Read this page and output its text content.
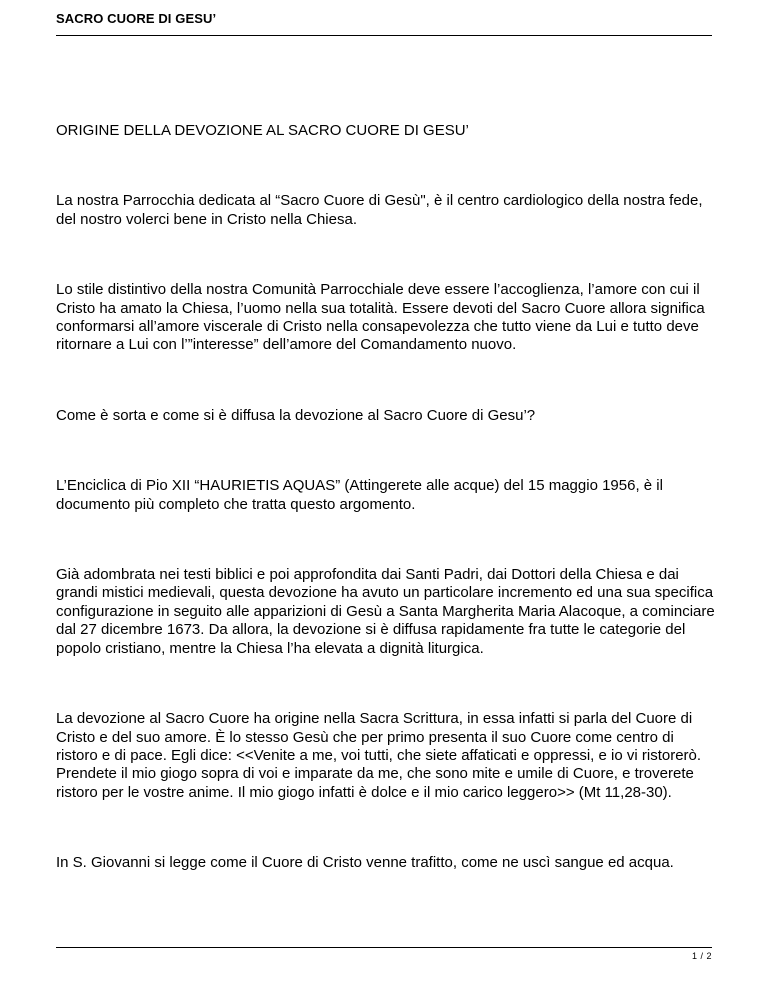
SACRO CUORE DI GESU’

ORIGINE DELLA DEVOZIONE AL SACRO CUORE DI GESU’

La nostra Parrocchia dedicata al “Sacro Cuore di Gesù", è il centro cardiologico della nostra fede, del nostro volerci bene in Cristo nella Chiesa.

Lo stile distintivo della nostra Comunità Parrocchiale deve essere l’accoglienza, l’amore con cui il Cristo ha amato la Chiesa, l’uomo nella sua totalità. Essere devoti del Sacro Cuore allora significa conformarsi all’amore viscerale di Cristo nella consapevolezza che tutto viene da Lui e tutto deve ritornare a Lui con l’”interesse” dell’amore del Comandamento nuovo.

Come è sorta e come si è diffusa la devozione al Sacro Cuore di Gesu’?

L’Enciclica di Pio XII “HAURIETIS AQUAS” (Attingerete alle acque) del 15 maggio 1956, è il documento più completo che tratta questo argomento.

Già adombrata nei testi biblici e poi approfondita dai Santi Padri, dai Dottori della Chiesa e dai grandi mistici medievali, questa devozione ha avuto un particolare incremento ed una sua specifica configurazione in seguito alle apparizioni di Gesù a Santa Margherita Maria Alacoque, a cominciare dal 27 dicembre 1673. Da allora, la devozione si è diffusa rapidamente fra tutte le categorie del popolo cristiano, mentre la Chiesa l’ha elevata a dignità liturgica.

La devozione al Sacro Cuore ha origine nella Sacra Scrittura, in essa infatti si parla del Cuore di Cristo e del suo amore. È lo stesso Gesù che per primo presenta il suo Cuore come centro di ristoro e di pace. Egli dice: <<Venite a me, voi tutti, che siete affaticati e oppressi, e io vi ristorerò. Prendete il mio giogo sopra di voi e imparate da me, che sono mite e umile di Cuore, e troverete ristoro per le vostre anime. Il mio giogo infatti è dolce e il mio carico leggero>> (Mt 11,28-30).

In S. Giovanni si legge come il Cuore di Cristo venne trafitto, come ne uscì sangue ed acqua.

1 / 2
